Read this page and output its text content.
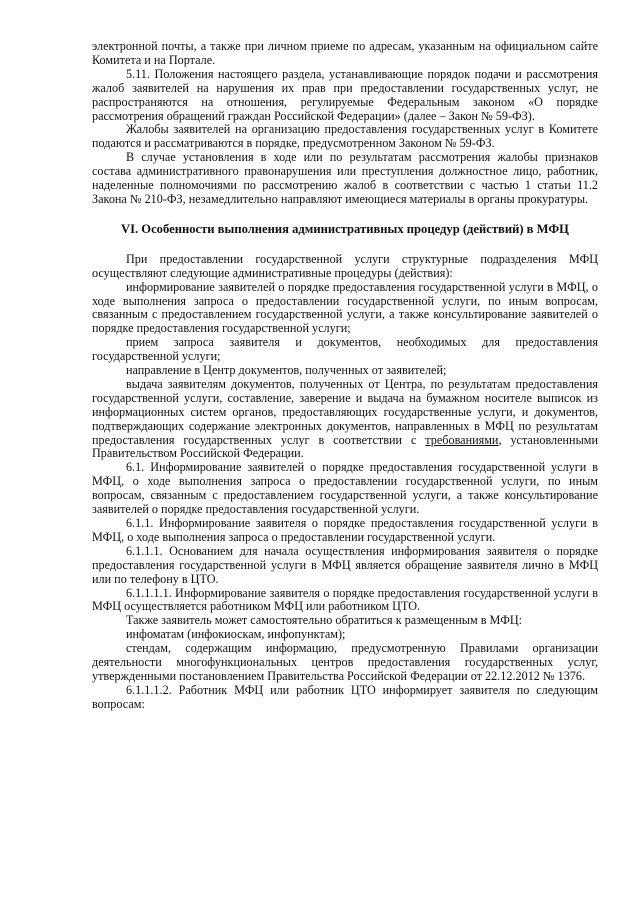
электронной почты, а также при личном приеме по адресам, указанным на официальном сайте Комитета и на Портале.

5.11. Положения настоящего раздела, устанавливающие порядок подачи и рассмотрения жалоб заявителей на нарушения их прав при предоставлении государственных услуг, не распространяются на отношения, регулируемые Федеральным законом «О порядке рассмотрения обращений граждан Российской Федерации» (далее – Закон № 59-ФЗ).

Жалобы заявителей на организацию предоставления государственных услуг в Комитете подаются и рассматриваются в порядке, предусмотренном Законом № 59-ФЗ.

В случае установления в ходе или по результатам рассмотрения жалобы признаков состава административного правонарушения или преступления должностное лицо, работник, наделенные полномочиями по рассмотрению жалоб в соответствии с частью 1 статьи 11.2 Закона № 210-ФЗ, незамедлительно направляют имеющиеся материалы в органы прокуратуры.

VI. Особенности выполнения административных процедур (действий) в МФЦ

При предоставлении государственной услуги структурные подразделения МФЦ осуществляют следующие административные процедуры (действия):

информирование заявителей о порядке предоставления государственной услуги в МФЦ, о ходе выполнения запроса о предоставлении государственной услуги, по иным вопросам, связанным с предоставлением государственной услуги, а также консультирование заявителей о порядке предоставления государственной услуги;

прием запроса заявителя и документов, необходимых для предоставления государственной услуги;

направление в Центр документов, полученных от заявителей;

выдача заявителям документов, полученных от Центра, по результатам предоставления государственной услуги, составление, заверение и выдача на бумажном носителе выписок из информационных систем органов, предоставляющих государственные услуги, и документов, подтверждающих содержание электронных документов, направленных в МФЦ по результатам предоставления государственных услуг в соответствии с требованиями, установленными Правительством Российской Федерации.

6.1. Информирование заявителей о порядке предоставления государственной услуги в МФЦ, о ходе выполнения запроса о предоставлении государственной услуги, по иным вопросам, связанным с предоставлением государственной услуги, а также консультирование заявителей о порядке предоставления государственной услуги.

6.1.1. Информирование заявителя о порядке предоставления государственной услуги в МФЦ, о ходе выполнения запроса о предоставлении государственной услуги.

6.1.1.1. Основанием для начала осуществления информирования заявителя о порядке предоставления государственной услуги в МФЦ является обращение заявителя лично в МФЦ или по телефону в ЦТО.

6.1.1.1.1. Информирование заявителя о порядке предоставления государственной услуги в МФЦ осуществляется работником МФЦ или работником ЦТО.

Также заявитель может самостоятельно обратиться к размещенным в МФЦ:

инфоматам (инфокиоскам, инфопунктам);

стендам, содержащим информацию, предусмотренную Правилами организации деятельности многофункциональных центров предоставления государственных услуг, утвержденными постановлением Правительства Российской Федерации от 22.12.2012 № 1376.

6.1.1.1.2. Работник МФЦ или работник ЦТО информирует заявителя по следующим вопросам:
